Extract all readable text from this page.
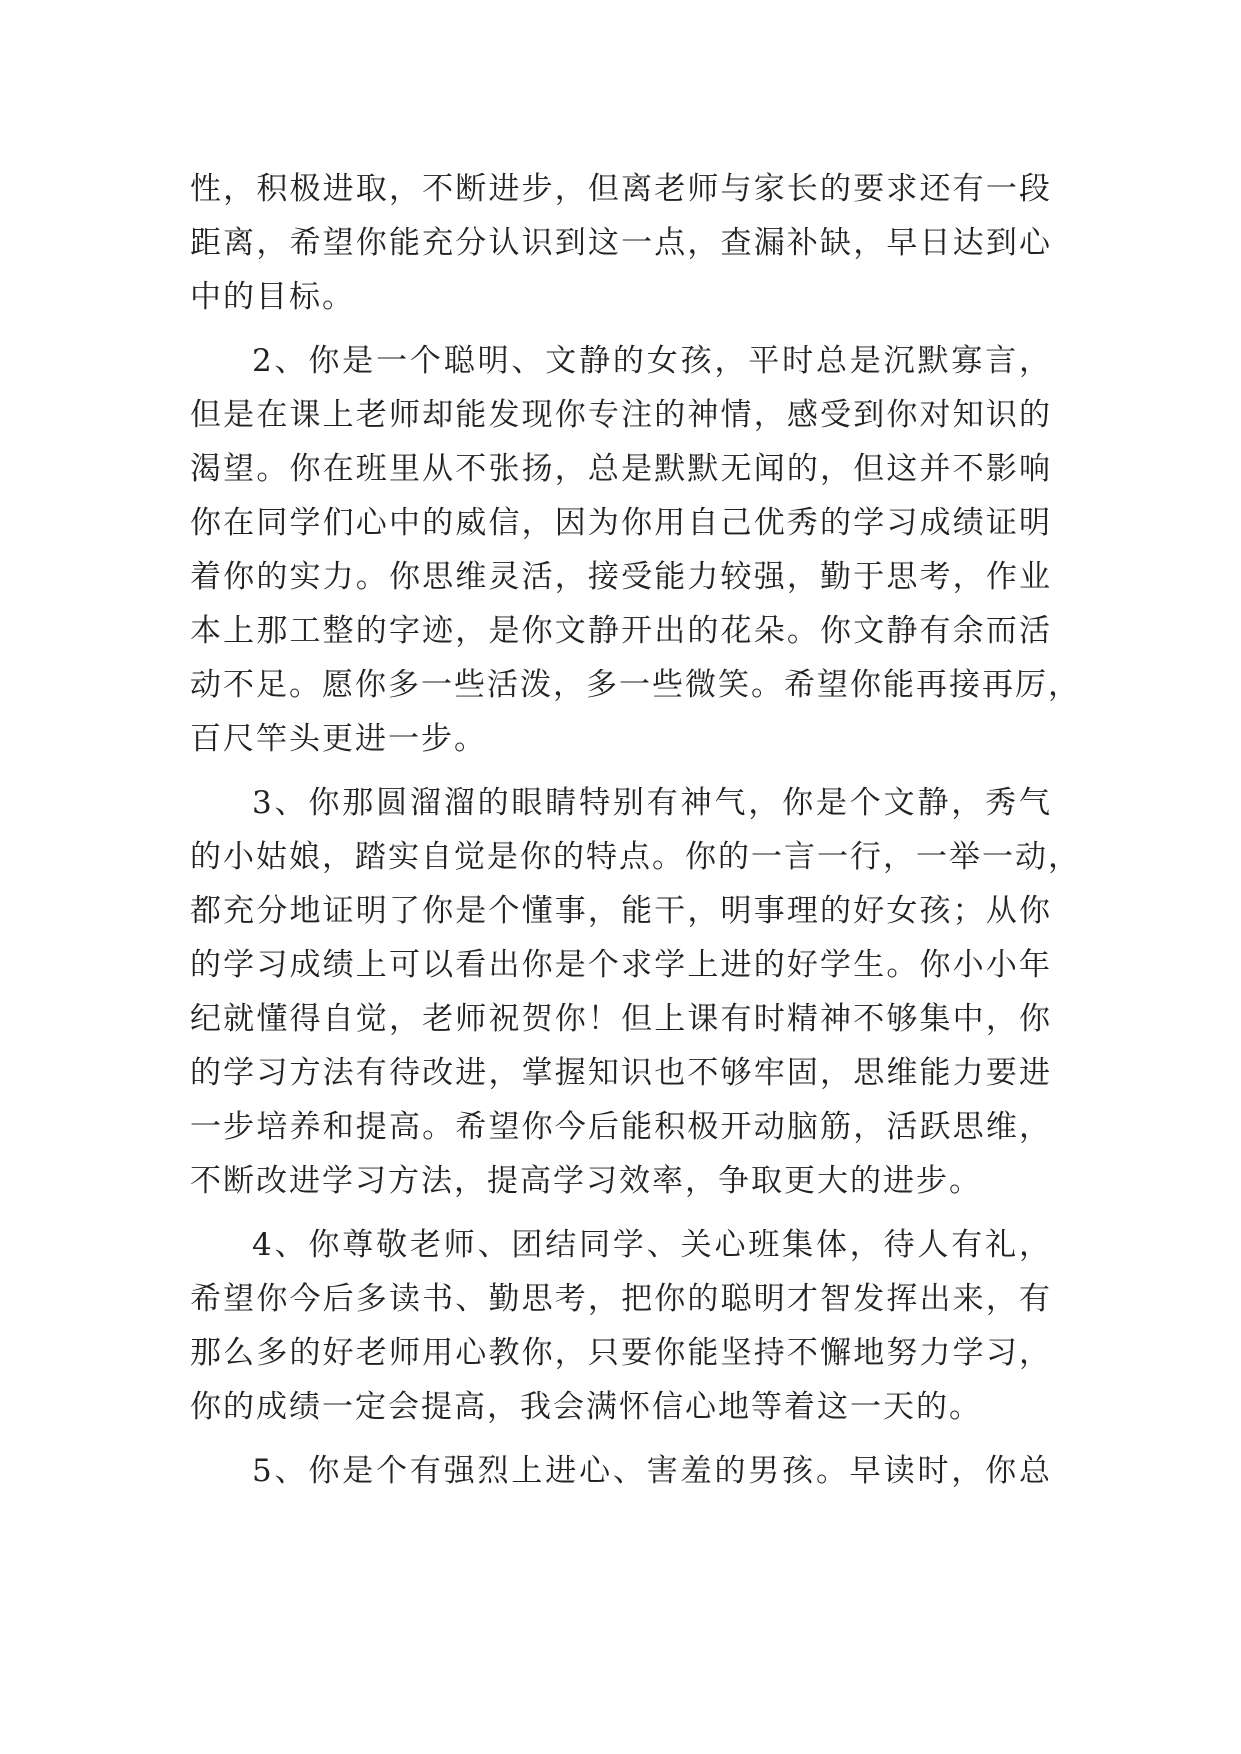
性，积极进取，不断进步，但离老师与家长的要求还有一段
距离，希望你能充分认识到这一点，查漏补缺，早日达到心
中的目标。
2、你是一个聪明、文静的女孩，平时总是沉默寡言，
但是在课上老师却能发现你专注的神情，感受到你对知识的
渴望。你在班里从不张扬，总是默默无闻的，但这并不影响
你在同学们心中的威信，因为你用自己优秀的学习成绩证明
着你的实力。你思维灵活，接受能力较强，勤于思考，作业
本上那工整的字迹，是你文静开出的花朵。你文静有余而活
动不足。愿你多一些活泼，多一些微笑。希望你能再接再厉，
百尺竿头更进一步。
3、你那圆溜溜的眼睛特别有神气，你是个文静，秀气
的小姑娘，踏实自觉是你的特点。你的一言一行，一举一动，
都充分地证明了你是个懂事，能干，明事理的好女孩；从你
的学习成绩上可以看出你是个求学上进的好学生。你小小年
纪就懂得自觉，老师祝贺你！但上课有时精神不够集中，你
的学习方法有待改进，掌握知识也不够牢固，思维能力要进
一步培养和提高。希望你今后能积极开动脑筋，活跃思维，
不断改进学习方法，提高学习效率，争取更大的进步。
4、你尊敬老师、团结同学、关心班集体，待人有礼，
希望你今后多读书、勤思考，把你的聪明才智发挥出来，有
那么多的好老师用心教你，只要你能坚持不懈地努力学习，
你的成绩一定会提高，我会满怀信心地等着这一天的。
5、你是个有强烈上进心、害羞的男孩。早读时，你总
